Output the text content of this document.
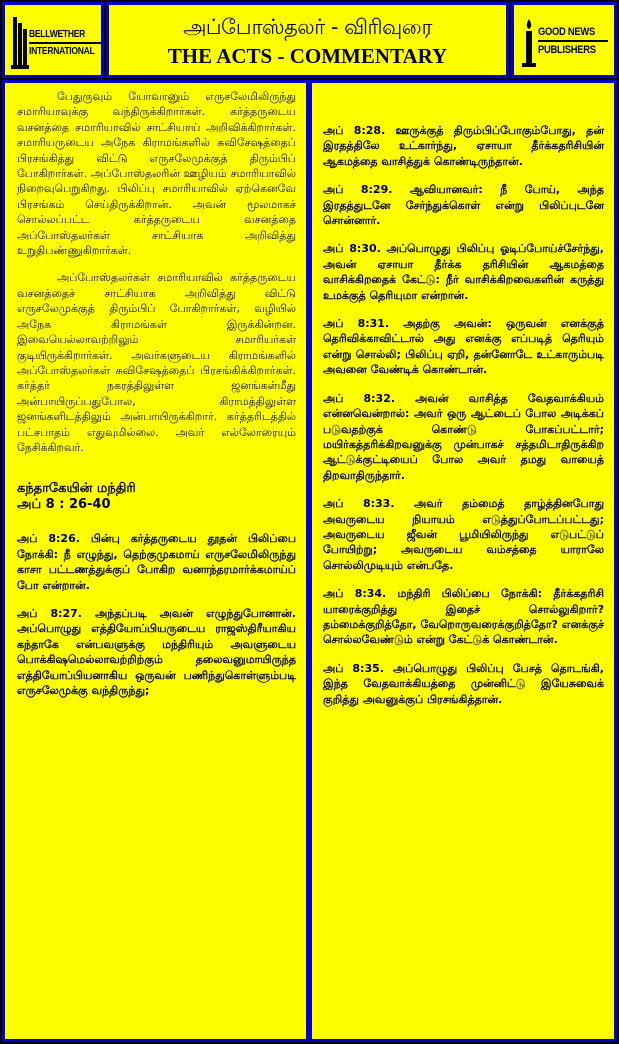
BELLWETHER
INTERNATIONAL
அப்போஸ்தலர் - விரிவுரை
THE ACTS - COMMENTARY
GOOD NEWS
PUBLISHERS

பேதுருவும் யோவானும் எருசலேமிலிருந்து சமாரியாவுக்கு வந்திருக்கிறார்கள். கர்த்தருடைய வசனத்தை சமாரியாவில் சாட்சியாய் அறிவிக்கிறார்கள். சமாரியருடைய அநேக கிராமங்களில் சுவிசேஷத்தைப் பிரசங்கித்து விட்டு எருசலேமுக்குத் திரும்பிப் போகிறார்கள். அப்போஸ்தலரின் ஊழியம் சமாரியாவில் நிறைவுபெறுகிறது. பிலிப்பு சமாரியாவில் ஏற்கெனவே பிரசங்கம் செய்திருக்கிறான். அவன் மூலமாகச் சொல்லப்பட்ட கர்த்தருடைய வசனத்தை அப்போஸ்தலர்கள் சாட்சியாக அறிவித்து உறுதிபண்ணுகிறார்கள்.

அப்போஸ்தலர்கள் சமாரியாவில் கர்த்தருடைய வசனத்தைச் சாட்சியாக அறிவித்து விட்டு எருசலேமுக்குத் திரும்பிப் போகிறார்கள், வழியில் அநேக கிராமங்கள் இருக்கின்றன. இவையெல்லாவற்றிலும் சமாரியர்கள் குடியிருக்கிறார்கள். அவர்களுடைய கிராமங்களில் அப்போஸ்தலர்கள் சுவிசேஷத்தைப் பிரசங்கிக்கிறார்கள். கர்த்தர் நகரத்திலுள்ள ஜனங்கள்மீது அன்பாயிருப்பதுபோல, கிராமத்திலுள்ள ஜனங்களிடத்திலும் அன்பாயிருக்கிறார். கர்த்தரிடத்தில் பட்சபாதம் எதுவுமில்லை. அவர் எல்லோரையும் நேசிக்கிறவர்.

கந்தாகேயின் மந்திரி
அப் 8 : 26-40

அப் 8:26. பின்பு கர்த்தருடைய தூதன் பிலிப்பை நோக்கி: நீ எழுந்து, தெற்குமுகமாய் எருசலேமிலிருந்து காசா பட்டணத்துக்குப் போகிற வனாந்தரமார்க்கமாய்ப் போ என்றான்.

அப் 8:27. அந்தப்படி அவன் எழுந்துபோனான். அப்பொழுது எத்தியோப்பியருடைய ராஜஸ்திரீயாகிய கந்தாகே என்பவளுக்கு மந்திரியும் அவளுடைய பொக்கிஷமெல்லாவற்றிற்கும் தலைவனுமாயிருந்த எத்தியோப்பியனாகிய ஒருவன் பணிந்துகொள்ளும்படி எருசலேமுக்கு வந்திருந்து;

அப் 8:28. ஊருக்குத் திரும்பிப்போகும்போது, தன் இரதத்திலே உட்கார்ந்து, ஏசாயா தீர்க்கதரிசியின் ஆகமத்தை வாசித்துக் கொண்டிருந்தான்.

அப் 8:29. ஆவியானவர்: நீ போய், அந்த இரதத்துடனே சேர்ந்துக்கொள் என்று பிலிப்புடனே சொன்னார்.

அப் 8:30. அப்பொழுது பிலிப்பு ஓடிப்போய்ச்சேர்ந்து, அவன் ஏசாயா தீர்க்க தரிசியின் ஆகமத்தை வாசிக்கிறதைக் கேட்டு: நீர் வாசிக்கிறவைகளின் கருத்து உமக்குத் தெரியுமா என்றான்.

அப் 8:31. அதற்கு அவன்: ஒருவன் எனக்குத் தெரிவிக்காவிட்டால் அது எனக்கு எப்படித் தெரியும் என்று சொல்லி; பிலிப்பு ஏறி, தன்னோடே உட்காரும்படி அவனை வேண்டிக் கொண்டான்.

அப் 8:32. அவன் வாசித்த வேதவாக்கியம் என்னவென்றால்: அவர் ஒரு ஆட்டைப் போல அடிக்கப் படுவதற்குக் கொண்டு போகப்பட்டார்; மயிர்கத்தரிக்கிறவனுக்கு முன்பாகச் சத்தமிடாதிருக்கிற ஆட்டுக்குட்டியைப் போல அவர் தமது வாயைத் திறவாதிருந்தார்.

அப் 8:33. அவர் தம்மைத் தாழ்த்தினபோது அவருடைய நியாயம் எடுத்துப்போடப்பட்டது; அவருடைய ஜீவன் பூமியிலிருந்து எடுபட்டுப் போயிற்று; அவருடைய வம்சத்தை யாராலே சொல்லிமுடியும் என்பதே.

அப் 8:34. மந்திரி பிலிப்பை நோக்கி: தீர்க்கதரிசி யாரைக்குறித்து இதைச் சொல்லுகிறார்? தம்மைக்குறித்தோ, வேறொருவரைக்குறித்தோ? எனக்குச் சொல்லவேண்டும் என்று கேட்டுக் கொண்டான்.

அப் 8:35. அப்பொழுது பிலிப்பு பேசத் தொடங்கி, இந்த வேதவாக்கியத்தை முன்னிட்டு இயேசுவைக் குறித்து அவனுக்குப் பிரசங்கித்தான்.
